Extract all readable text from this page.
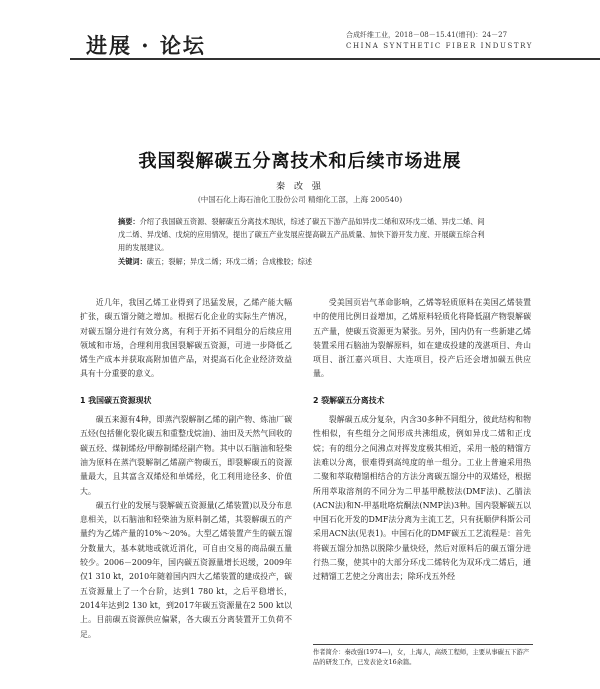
进展 · 论坛	合成纤维工业，2018－08－15.41(增刊)：24－27
CHINA SYNTHETIC FIBER INDUSTRY
我国裂解碳五分离技术和后续市场进展
秦 改 强
(中国石化上海石油化工股份公司 精细化工部，上海 200540)

摘要：介绍了我国碳五资源、裂解碳五分离技术现状，综述了碳五下游产品如异戊二烯和双环戊二烯、异戊二烯、间戊二烯、异戊烯、戊烷的应用情况，提出了碳五产业发展应提高碳五产品质量、加快下游开发力度、开展碳五综合利用的发展建议。

关键词：碳五；裂解；异戊二烯；环戊二烯；合成橡胶；综述

近几年，我国乙烯工业得到了迅猛发展，乙烯产能大幅扩张，碳五馏分随之增加。根据石化企业的实际生产情况，对碳五馏分进行有效分离，有利于开拓不同组分的后续应用领域和市场，合理利用我国裂解碳五资源，可进一步降低乙烯生产成本并获取高附加值产品，对提高石化企业经济效益具有十分重要的意义。

1 我国碳五资源现状

碳五来源有4种，即蒸汽裂解制乙烯的副产物、炼油厂碳五烃(包括催化裂化碳五和重整戊烷油)、油田及天然气回收的碳五烃、煤制烯烃/甲醇制烯烃副产物。其中以石脑油和轻柴油为原料在蒸汽裂解制乙烯副产物碳五，即裂解碳五的资源量最大，且其富含双烯烃和单烯烃，化工利用途径多、价值大。

碳五行业的发展与裂解碳五资源量(乙烯装置)以及分布息息相关，以石脑油和轻柴油为原料制乙烯，其裂解碳五的产量约为乙烯产量的10%～20%。大型乙烯装置产生的碳五馏分数量大，基本就地或就近消化，可自由交易的商品碳五量较少。2006－2009年，国内碳五资源量增长迟缓，2009年仅1 310 kt，2010年随着国内四大乙烯装置的建成投产，碳五资源量上了一个台阶，达到1 780 kt，之后平稳增长，2014年达到2 130 kt，到2017年碳五资源量在2 500 kt以上。目前碳五资源供应偏紧，各大碳五分离装置开工负荷不足。

受美国页岩气革命影响，乙烯等轻质原料在美国乙烯装置中的使用比例日益增加，乙烯原料轻质化将降低副产物裂解碳五产量，使碳五资源更为紧张。另外，国内仍有一些新建乙烯装置采用石脑油为裂解原料，如在建成投建的茂湛项目、舟山项目、浙江嘉兴项目、大连项目，投产后还会增加碳五供应量。

2 裂解碳五分离技术

裂解碳五成分复杂，内含30多种不同组分，彼此结构和物性相似，有些组分之间形成共沸组成，例如异戊二烯和正戊烷；有的组分之间沸点对挥发度极其相近，采用一般的精馏方法难以分离，很难得到高纯度的单一组分。工业上普遍采用热二聚和萃取精馏相结合的方法分离碳五馏分中的双烯烃，根据所用萃取溶剂的不同分为二甲基甲酰胺法(DMF法)、乙腈法(ACN法)和N-甲基吡咯烷酮法(NMP法)3种。国内裂解碳五以中国石化开发的DMF法分离为主流工艺，只有抚顺伊科斯公司采用ACN法(见表1)。中国石化的DMF碳五工艺流程是：首先将碳五馏分加热以脱除少量炔烃，然后对原料后的碳五馏分进行热二聚，使其中的大部分环戊二烯转化为双环戊二烯后，通过精馏工艺使之分离出去；除环戊五外经

作者简介：秦改强(1974—)，女，上海人，高级工程师，主要从事碳五下游产品的研发工作，已发表论文16余篇。
